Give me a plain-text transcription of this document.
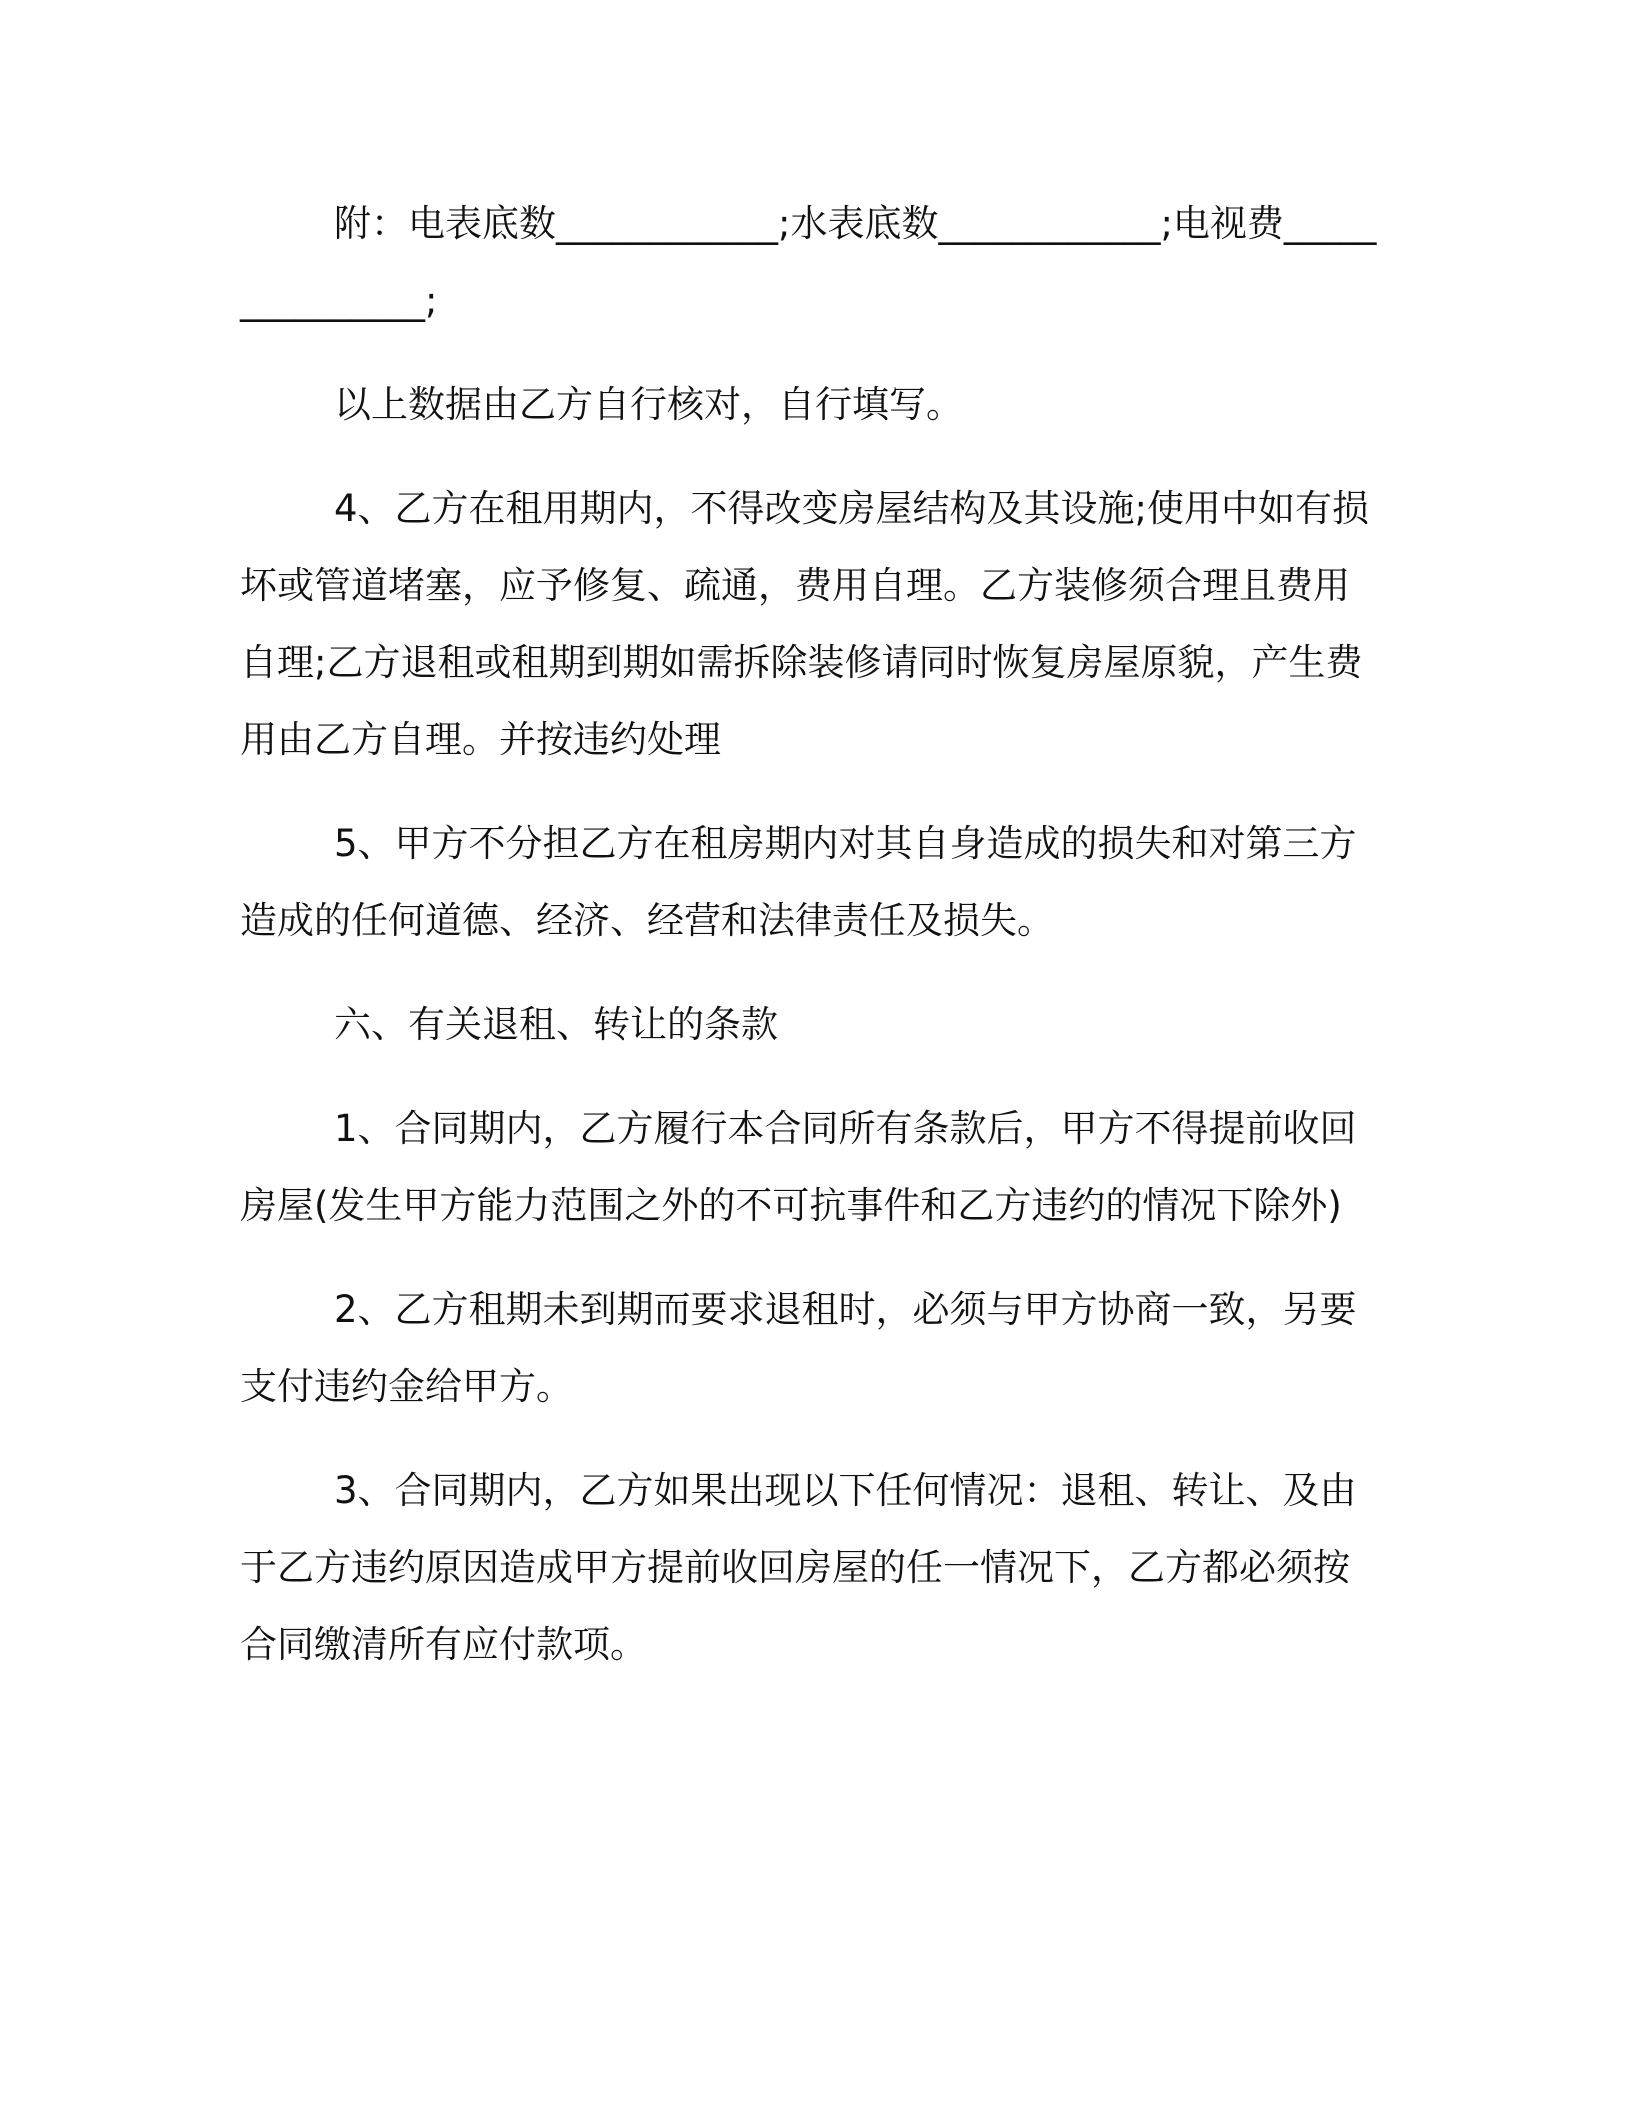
附：电表底数____________;水表底数____________;电视费_______________;

以上数据由乙方自行核对，自行填写。

4、乙方在租用期内，不得改变房屋结构及其设施;使用中如有损坏或管道堵塞，应予修复、疏通，费用自理。乙方装修须合理且费用自理;乙方退租或租期到期如需拆除装修请同时恢复房屋原貌，产生费用由乙方自理。并按违约处理

5、甲方不分担乙方在租房期内对其自身造成的损失和对第三方造成的任何道德、经济、经营和法律责任及损失。

六、有关退租、转让的条款

1、合同期内，乙方履行本合同所有条款后，甲方不得提前收回房屋(发生甲方能力范围之外的不可抗事件和乙方违约的情况下除外)

2、乙方租期未到期而要求退租时，必须与甲方协商一致，另要支付违约金给甲方。

3、合同期内，乙方如果出现以下任何情况：退租、转让、及由于乙方违约原因造成甲方提前收回房屋的任一情况下，乙方都必须按合同缴清所有应付款项。
